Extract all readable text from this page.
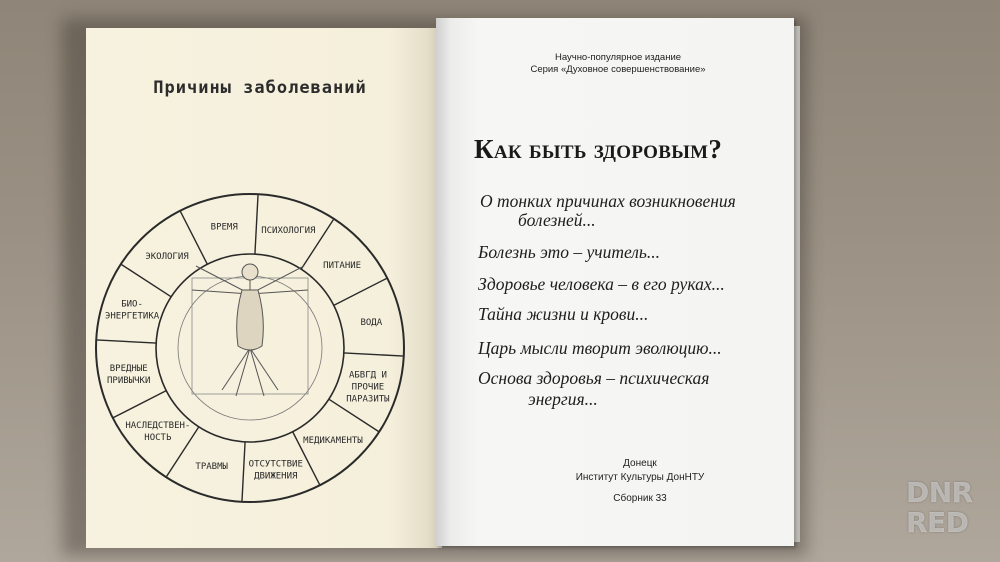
Причины заболеваний
ВРЕМЯ	ПСИХОЛОГИЯ
ПИТАНИЕ
ВОДА
АБВГД И ПРОЧИЕ ПАРАЗИТЫ
МЕДИКАМЕНТЫ
ОТСУТСТВИЕ ДВИЖЕНИЯ
ТРАВМЫ
НАСЛЕДСТВЕН-НОСТЬ
ВРЕДНЫЕ ПРИВЫЧКИ
БИО-ЭНЕРГЕТИКА
ЭКОЛОГИЯ
Научно-популярное издание
Серия «Духовное совершенствование»
Как быть здоровым?
О тонких причинах возникновения
болезней...
Болезнь это – учитель...
Здоровье человека – в его руках...
Тайна жизни и крови...
Царь мысли творит эволюцию...
Основа здоровья – психическая
энергия...
Донецк
Институт Культуры ДонНТУ
Сборник 33	DNR
RED
